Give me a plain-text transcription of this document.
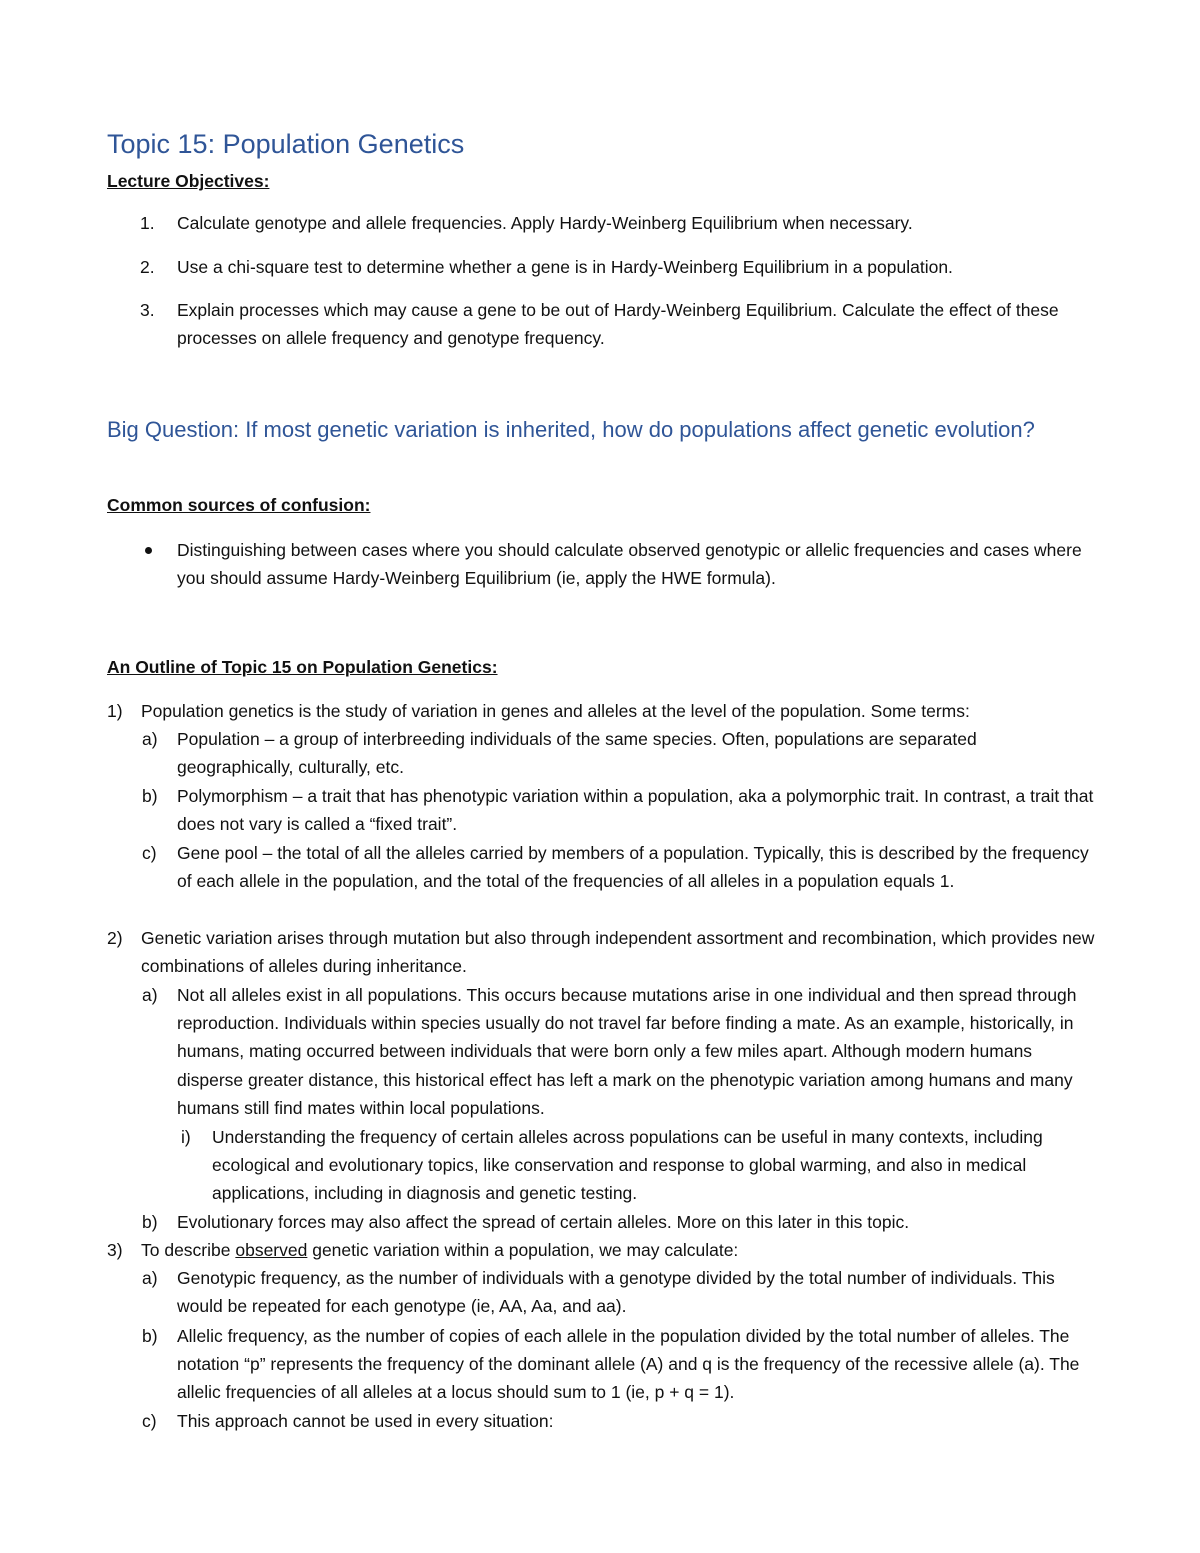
Topic 15: Population Genetics
Lecture Objectives:
1. Calculate genotype and allele frequencies. Apply Hardy-Weinberg Equilibrium when necessary.
2. Use a chi-square test to determine whether a gene is in Hardy-Weinberg Equilibrium in a population.
3. Explain processes which may cause a gene to be out of Hardy-Weinberg Equilibrium. Calculate the effect of these processes on allele frequency and genotype frequency.
Big Question: If most genetic variation is inherited, how do populations affect genetic evolution?
Common sources of confusion:
Distinguishing between cases where you should calculate observed genotypic or allelic frequencies and cases where you should assume Hardy-Weinberg Equilibrium (ie, apply the HWE formula).
An Outline of Topic 15 on Population Genetics:
1) Population genetics is the study of variation in genes and alleles at the level of the population. Some terms:
a) Population – a group of interbreeding individuals of the same species. Often, populations are separated geographically, culturally, etc.
b) Polymorphism – a trait that has phenotypic variation within a population, aka a polymorphic trait. In contrast, a trait that does not vary is called a “fixed trait”.
c) Gene pool – the total of all the alleles carried by members of a population. Typically, this is described by the frequency of each allele in the population, and the total of the frequencies of all alleles in a population equals 1.
2) Genetic variation arises through mutation but also through independent assortment and recombination, which provides new combinations of alleles during inheritance.
a) Not all alleles exist in all populations. This occurs because mutations arise in one individual and then spread through reproduction. Individuals within species usually do not travel far before finding a mate. As an example, historically, in humans, mating occurred between individuals that were born only a few miles apart. Although modern humans disperse greater distance, this historical effect has left a mark on the phenotypic variation among humans and many humans still find mates within local populations.
i) Understanding the frequency of certain alleles across populations can be useful in many contexts, including ecological and evolutionary topics, like conservation and response to global warming, and also in medical applications, including in diagnosis and genetic testing.
b) Evolutionary forces may also affect the spread of certain alleles. More on this later in this topic.
3) To describe observed genetic variation within a population, we may calculate:
a) Genotypic frequency, as the number of individuals with a genotype divided by the total number of individuals. This would be repeated for each genotype (ie, AA, Aa, and aa).
b) Allelic frequency, as the number of copies of each allele in the population divided by the total number of alleles. The notation “p” represents the frequency of the dominant allele (A) and q is the frequency of the recessive allele (a). The allelic frequencies of all alleles at a locus should sum to 1 (ie, p + q = 1).
c) This approach cannot be used in every situation:
